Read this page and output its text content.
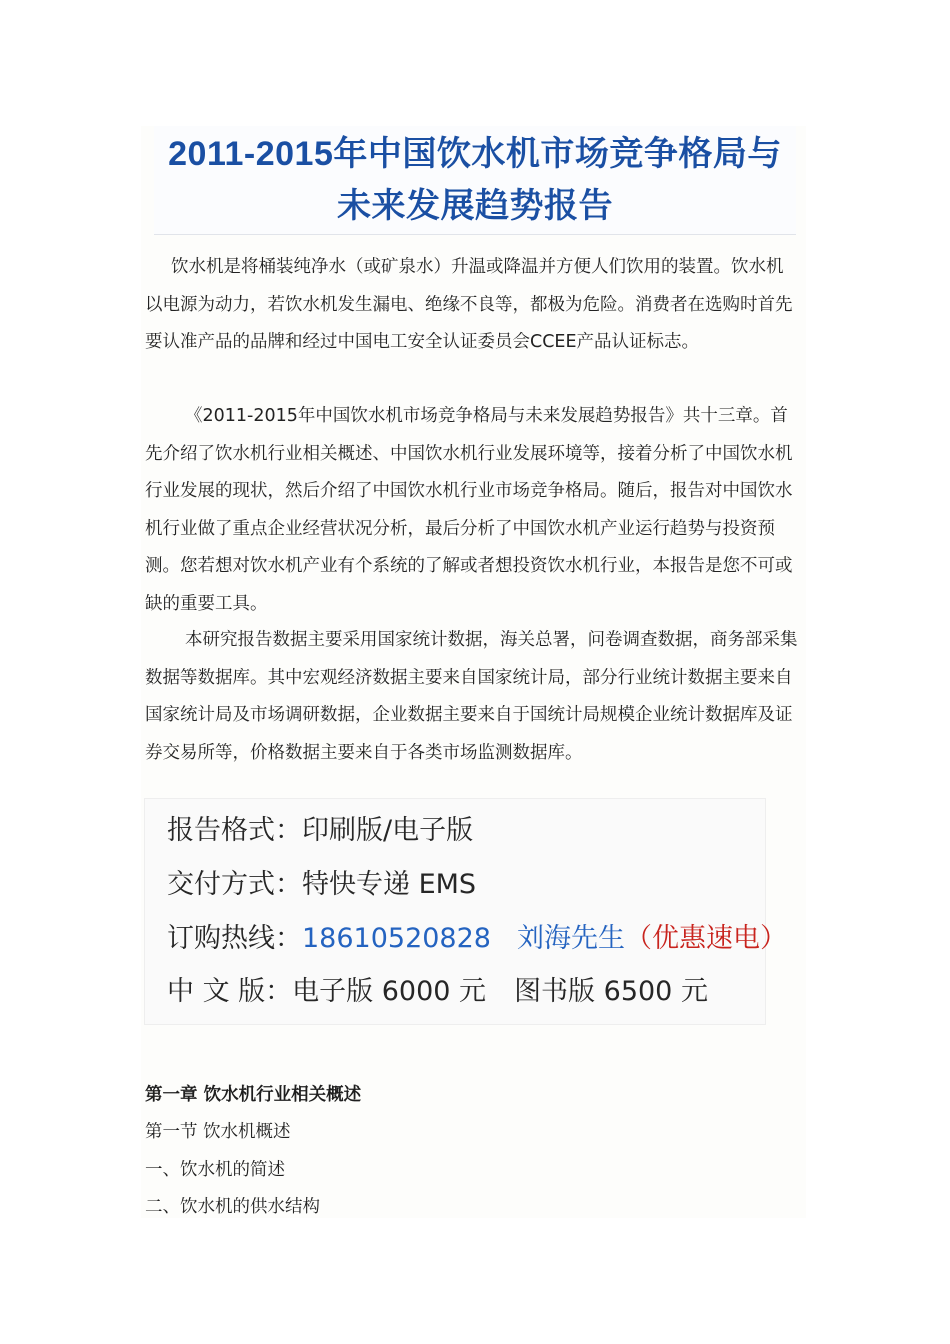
2011-2015年中国饮水机市场竞争格局与未来发展趋势报告

饮水机是将桶装纯净水（或矿泉水）升温或降温并方便人们饮用的装置。饮水机以电源为动力，若饮水机发生漏电、绝缘不良等，都极为危险。消费者在选购时首先要认准产品的品牌和经过中国电工安全认证委员会CCEE产品认证标志。

《2011-2015年中国饮水机市场竞争格局与未来发展趋势报告》共十三章。首先介绍了饮水机行业相关概述、中国饮水机行业发展环境等，接着分析了中国饮水机行业发展的现状，然后介绍了中国饮水机行业市场竞争格局。随后，报告对中国饮水机行业做了重点企业经营状况分析，最后分析了中国饮水机产业运行趋势与投资预测。您若想对饮水机产业有个系统的了解或者想投资饮水机行业，本报告是您不可或缺的重要工具。

本研究报告数据主要采用国家统计数据，海关总署，问卷调查数据，商务部采集数据等数据库。其中宏观经济数据主要来自国家统计局，部分行业统计数据主要来自国家统计局及市场调研数据，企业数据主要来自于国统计局规模企业统计数据库及证券交易所等，价格数据主要来自于各类市场监测数据库。

报告格式：印刷版/电子版
交付方式：特快专递 EMS
订购热线：18610520828 刘海先生（优惠速电）
中 文 版：电子版 6000 元 图书版 6500 元
第一章 饮水机行业相关概述
第一节 饮水机概述
一、饮水机的简述
二、饮水机的供水结构
